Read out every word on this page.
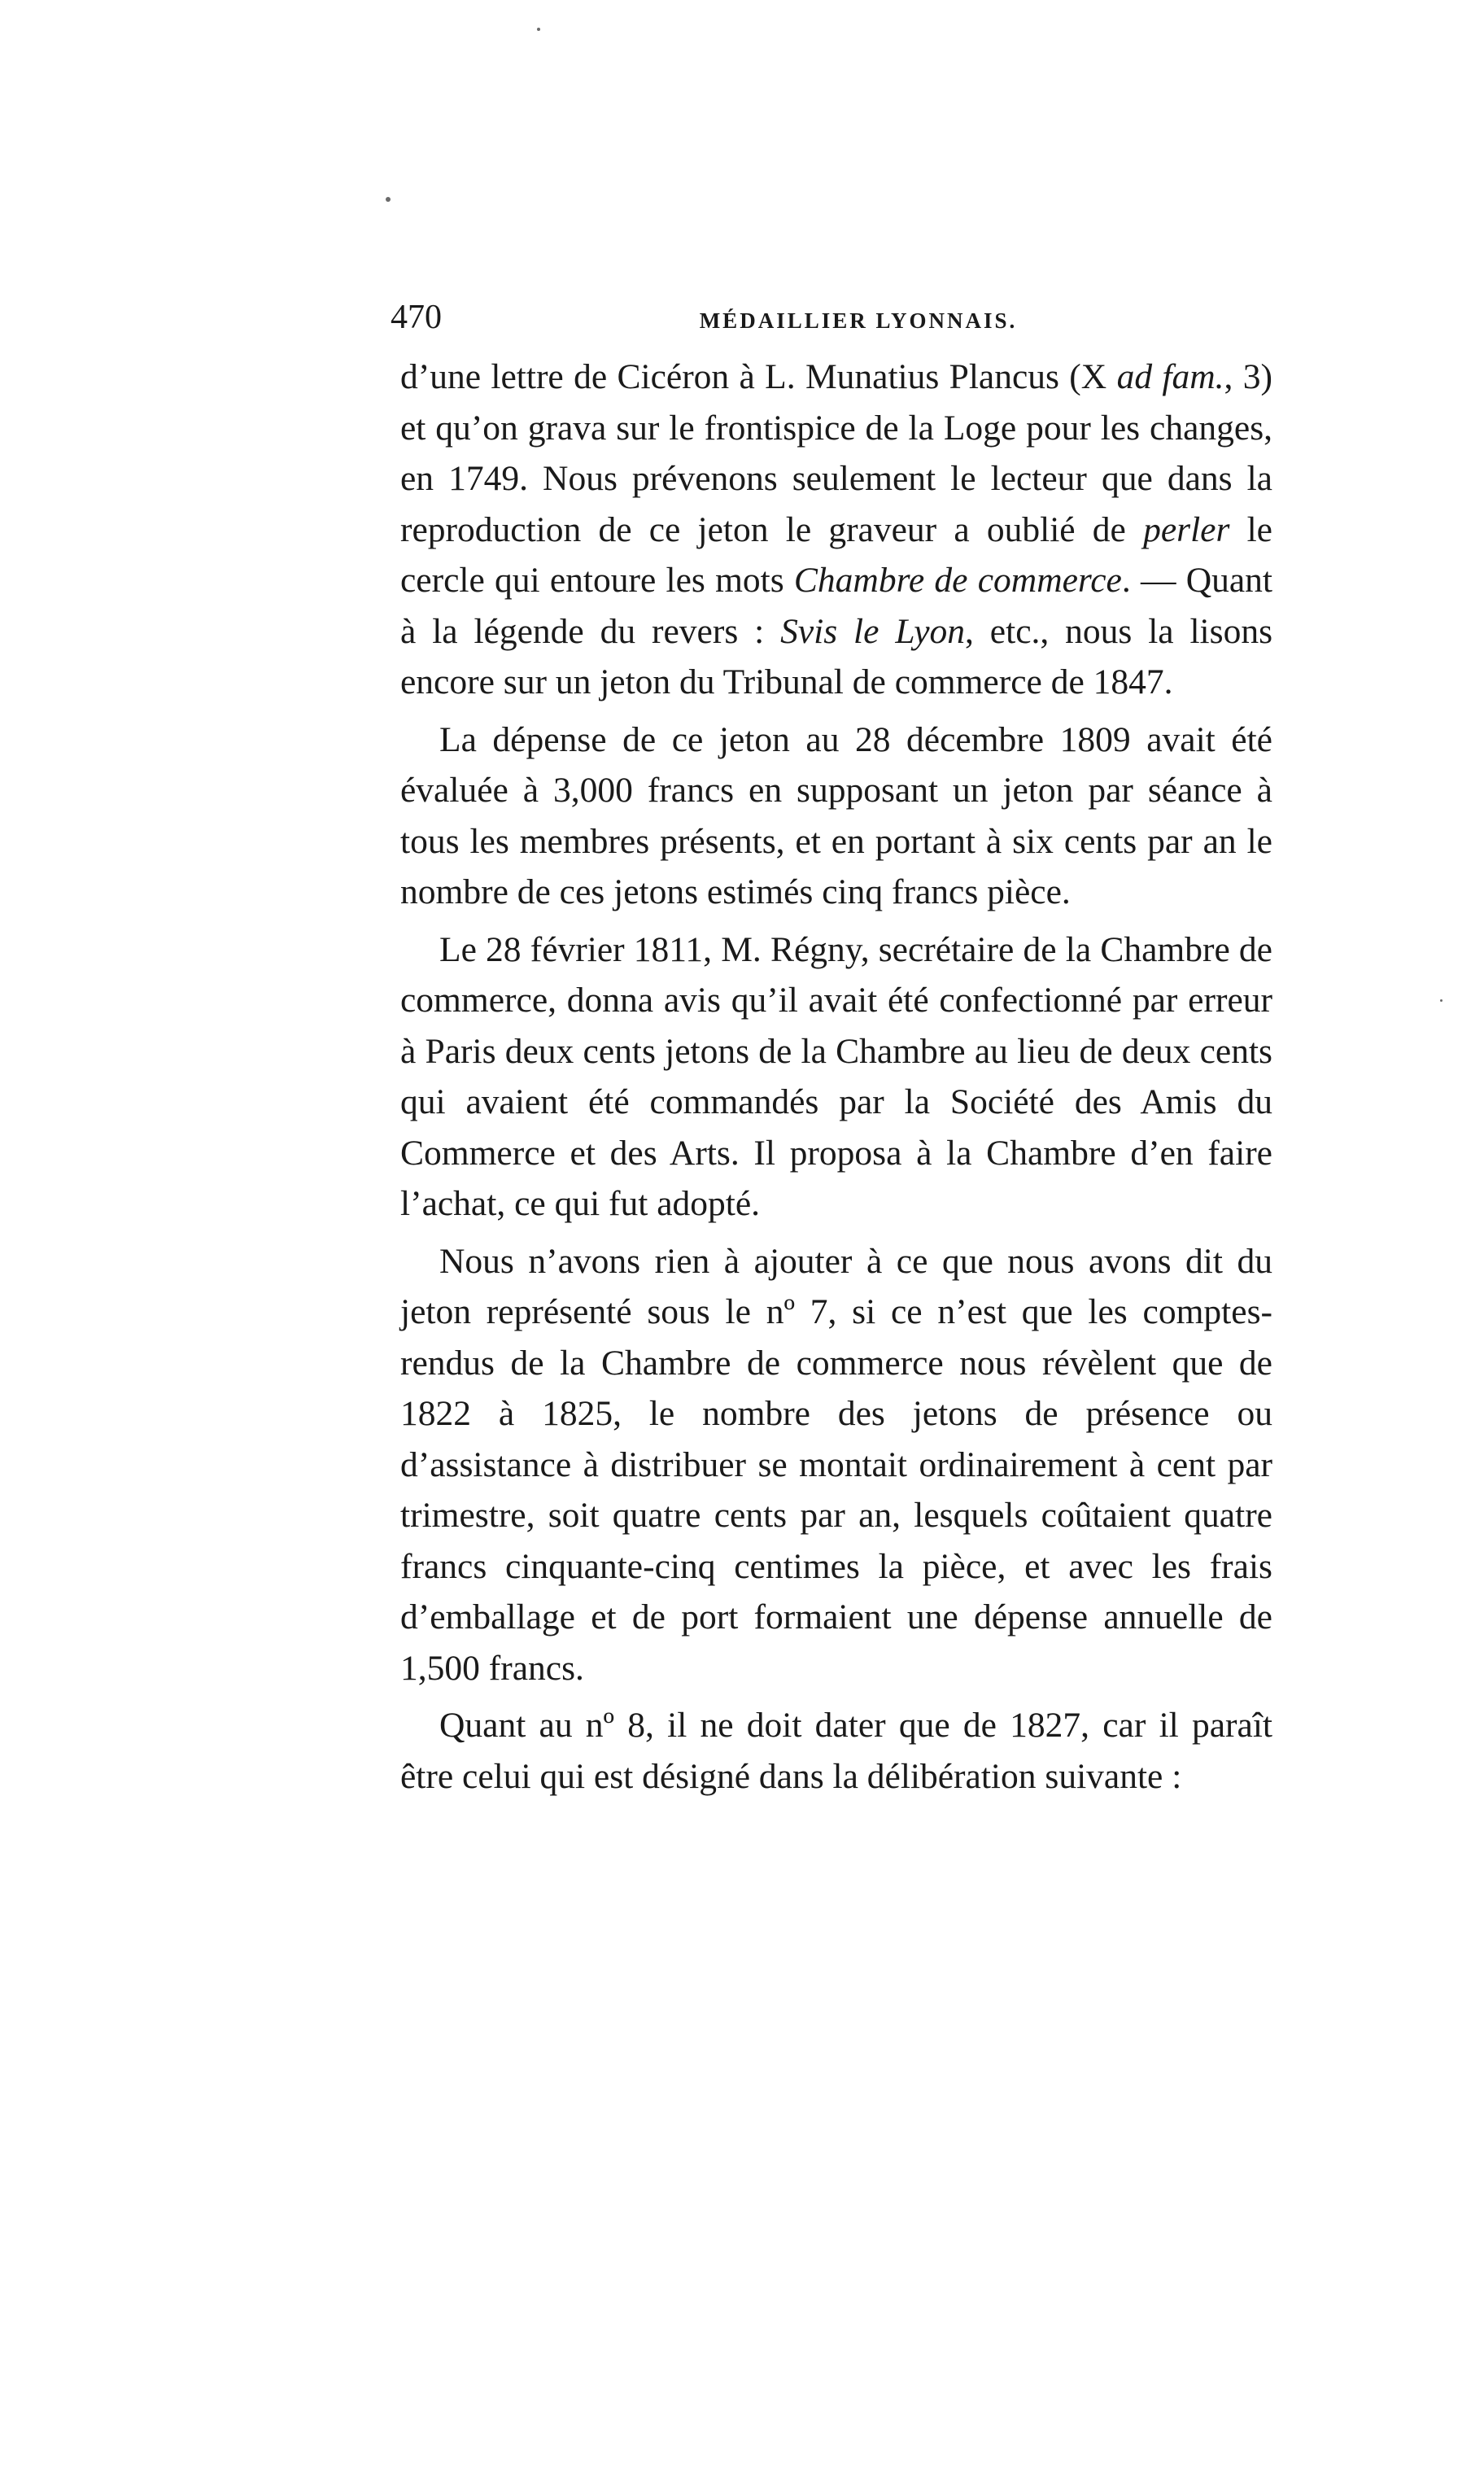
470	MÉDAILLIER LYONNAIS.

d’une lettre de Cicéron à L. Munatius Plancus (X ad fam., 3) et qu’on grava sur le frontispice de la Loge pour les changes, en 1749. Nous prévenons seulement le lecteur que dans la reproduction de ce jeton le graveur a oublié de perler le cercle qui entoure les mots Chambre de commerce. — Quant à la légende du revers : Svis le Lyon, etc., nous la lisons encore sur un jeton du Tribunal de commerce de 1847.

La dépense de ce jeton au 28 décembre 1809 avait été évaluée à 3,000 francs en supposant un jeton par séance à tous les membres présents, et en portant à six cents par an le nombre de ces jetons estimés cinq francs pièce.

Le 28 février 1811, M. Régny, secrétaire de la Chambre de commerce, donna avis qu’il avait été confectionné par erreur à Paris deux cents jetons de la Chambre au lieu de deux cents qui avaient été commandés par la Société des Amis du Commerce et des Arts. Il proposa à la Chambre d’en faire l’achat, ce qui fut adopté.

Nous n’avons rien à ajouter à ce que nous avons dit du jeton représenté sous le nº 7, si ce n’est que les comptes-rendus de la Chambre de commerce nous révèlent que de 1822 à 1825, le nombre des jetons de présence ou d’assistance à distribuer se montait ordinairement à cent par trimestre, soit quatre cents par an, lesquels coûtaient quatre francs cinquante-cinq centimes la pièce, et avec les frais d’emballage et de port formaient une dépense annuelle de 1,500 francs.

Quant au nº 8, il ne doit dater que de 1827, car il paraît être celui qui est désigné dans la délibération suivante :
